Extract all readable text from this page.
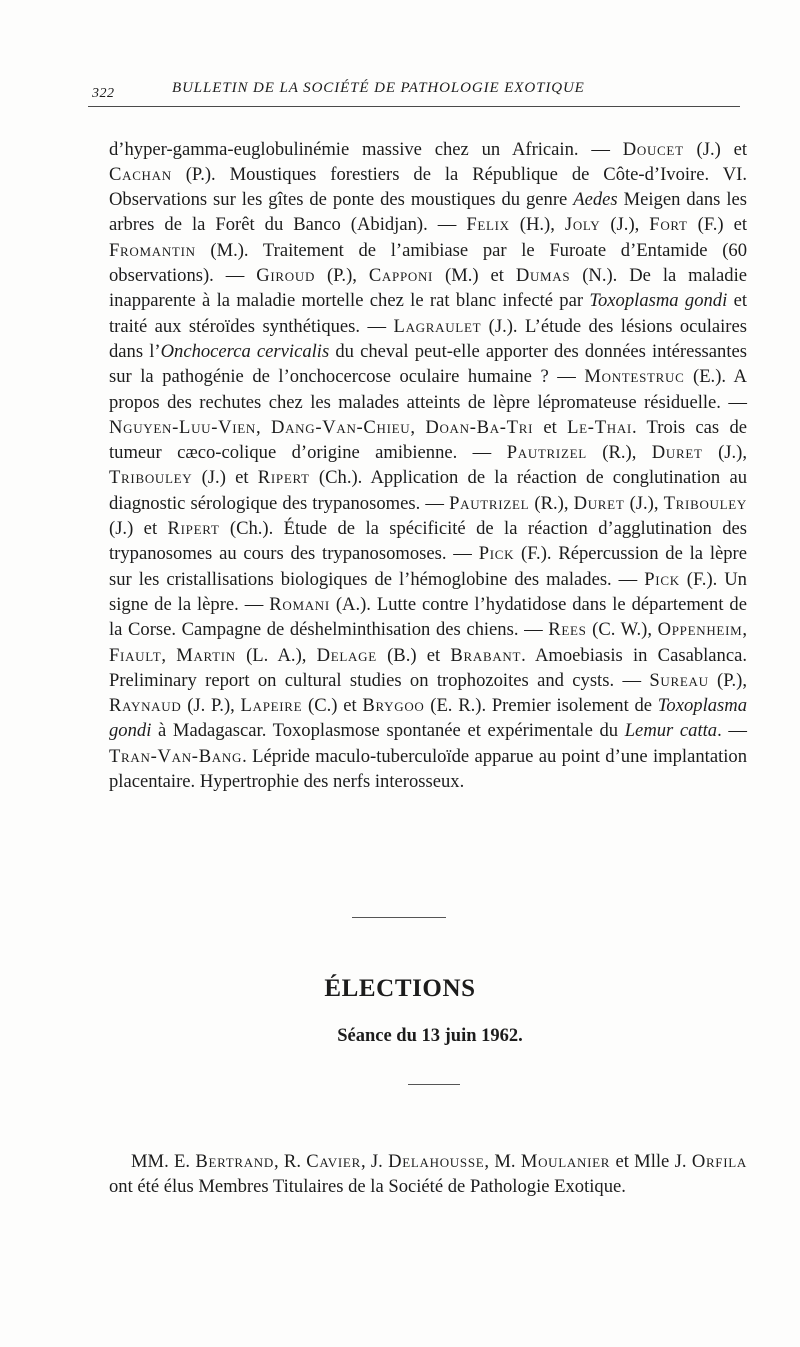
322	BULLETIN DE LA SOCIÉTÉ DE PATHOLOGIE EXOTIQUE

d’hyper-gamma-euglobulinémie massive chez un Africain. — Doucet (J.) et Cachan (P.). Moustiques forestiers de la République de Côte-d’Ivoire. VI. Observations sur les gîtes de ponte des moustiques du genre Aedes Meigen dans les arbres de la Forêt du Banco (Abidjan). — Felix (H.), Joly (J.), Fort (F.) et Fromantin (M.). Traitement de l’amibiase par le Furoate d’Entamide (60 observations). — Giroud (P.), Capponi (M.) et Dumas (N.). De la maladie inapparente à la maladie mortelle chez le rat blanc infecté par Toxoplasma gondi et traité aux stéroïdes synthétiques. — Lagraulet (J.). L’étude des lésions oculaires dans l’Onchocerca cervicalis du cheval peut-elle apporter des données intéressantes sur la pathogénie de l’onchocercose oculaire humaine ? — Montestruc (E.). A propos des rechutes chez les malades atteints de lèpre lépromateuse résiduelle. — Nguyen-Luu-Vien, Dang-Van-Chieu, Doan-Ba-Tri et Le-Thai. Trois cas de tumeur cæco-colique d’origine amibienne. — Pautrizel (R.), Duret (J.), Tribouley (J.) et Ripert (Ch.). Application de la réaction de conglutination au diagnostic sérologique des trypanosomes. — Pautrizel (R.), Duret (J.), Tribouley (J.) et Ripert (Ch.). Étude de la spécificité de la réaction d’agglutination des trypanosomes au cours des trypanosomoses. — Pick (F.). Répercussion de la lèpre sur les cristallisations biologiques de l’hémoglobine des malades. — Pick (F.). Un signe de la lèpre. — Romani (A.). Lutte contre l’hydatidose dans le département de la Corse. Campagne de déshelminthisation des chiens. — Rees (C. W.), Oppenheim, Fiault, Martin (L. A.), Delage (B.) et Brabant. Amoebiasis in Casablanca. Preliminary report on cultural studies on trophozoites and cysts. — Sureau (P.), Raynaud (J. P.), Lapeire (C.) et Brygoo (E. R.). Premier isolement de Toxoplasma gondi à Madagascar. Toxoplasmose spontanée et expérimentale du Lemur catta. — Tran-Van-Bang. Lépride maculo-tuberculoïde apparue au point d’une implantation placentaire. Hypertrophie des nerfs interosseux.

ÉLECTIONS
Séance du 13 juin 1962.

MM. E. Bertrand, R. Cavier, J. Delahousse, M. Moulanier et Mlle J. Orfila ont été élus Membres Titulaires de la Société de Pathologie Exotique.
